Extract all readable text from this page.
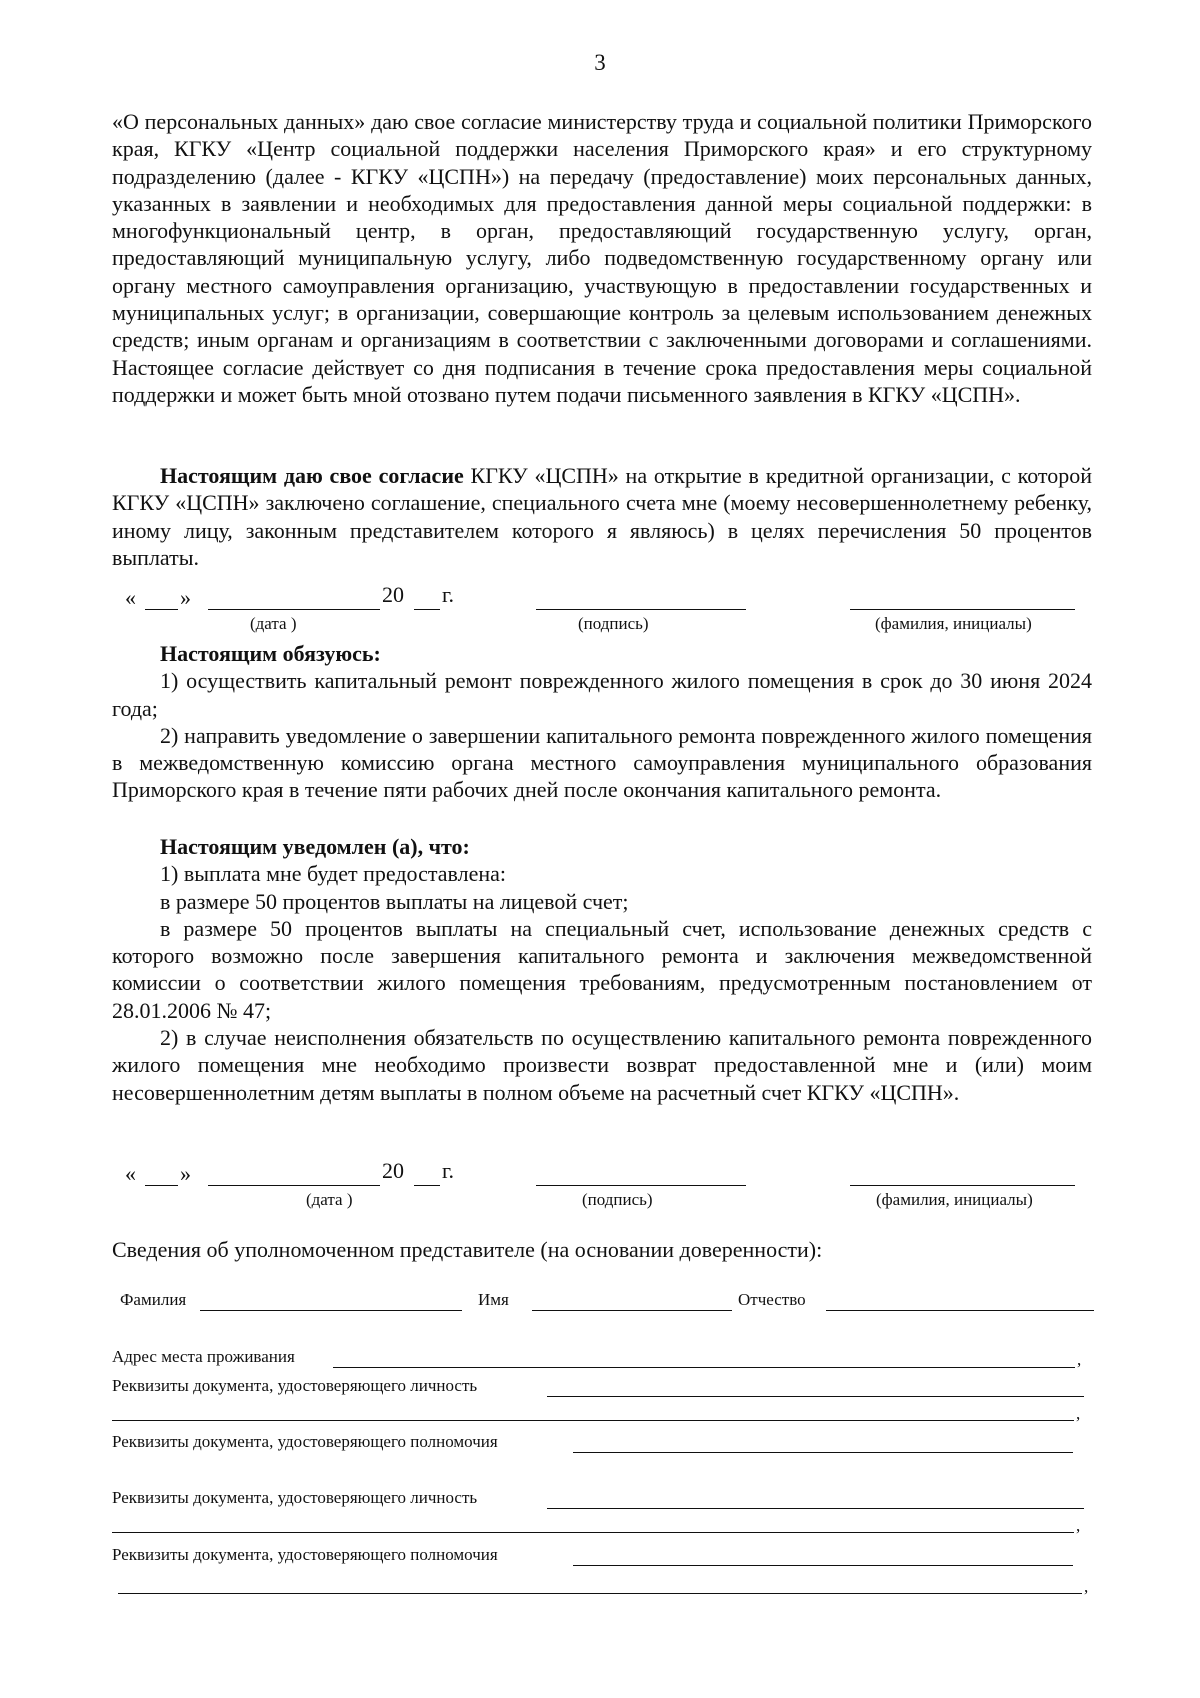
3

«О персональных данных» даю свое согласие министерству труда и социальной политики Приморского края, КГКУ «Центр социальной поддержки населения Приморского края» и его структурному подразделению (далее - КГКУ «ЦСПН») на передачу (предоставление) моих персональных данных, указанных в заявлении и необходимых для предоставления данной меры социальной поддержки: в многофункциональный центр, в орган, предоставляющий государственную услугу, орган, предоставляющий муниципальную услугу, либо подведомственную государственному органу или органу местного самоуправления организацию, участвующую в предоставлении государственных и муниципальных услуг; в организации, совершающие контроль за целевым использованием денежных средств; иным органам и организациям в соответствии с заключенными договорами и соглашениями. Настоящее согласие действует со дня подписания в течение срока предоставления меры социальной поддержки и может быть мной отозвано путем подачи письменного заявления в КГКУ «ЦСПН».

Настоящим даю свое согласие КГКУ «ЦСПН» на открытие в кредитной организации, с которой КГКУ «ЦСПН» заключено соглашение, специального счета мне (моему несовершеннолетнему ребенку, иному лицу, законным представителем которого я являюсь) в целях перечисления 50 процентов выплаты.

« »	20 г.
(дата )	(подпись)	(фамилия, инициалы)

Настоящим обязуюсь:

1) осуществить капитальный ремонт поврежденного жилого помещения в срок до 30 июня 2024 года;

2) направить уведомление о завершении капитального ремонта поврежденного жилого помещения в межведомственную комиссию органа местного самоуправления муниципального образования Приморского края в течение пяти рабочих дней после окончания капитального ремонта.

Настоящим уведомлен (а), что:

1) выплата мне будет предоставлена:

в размере 50 процентов выплаты на лицевой счет;

в размере 50 процентов выплаты на специальный счет, использование денежных средств с которого возможно после завершения капитального ремонта и заключения межведомственной комиссии о соответствии жилого помещения требованиям, предусмотренным постановлением от 28.01.2006 № 47;

2) в случае неисполнения обязательств по осуществлению капитального ремонта поврежденного жилого помещения мне необходимо произвести возврат предоставленной мне и (или) моим несовершеннолетним детям выплаты в полном объеме на расчетный счет КГКУ «ЦСПН».

« »	20 г.
(дата )	(подпись)	(фамилия, инициалы)

Сведения об уполномоченном представителе (на основании доверенности):

Фамилия	Имя	Отчество
Адрес места проживания	,
Реквизиты документа, удостоверяющего личность
,
Реквизиты документа, удостоверяющего полномочия
Реквизиты документа, удостоверяющего личность
,
Реквизиты документа, удостоверяющего полномочия
,
